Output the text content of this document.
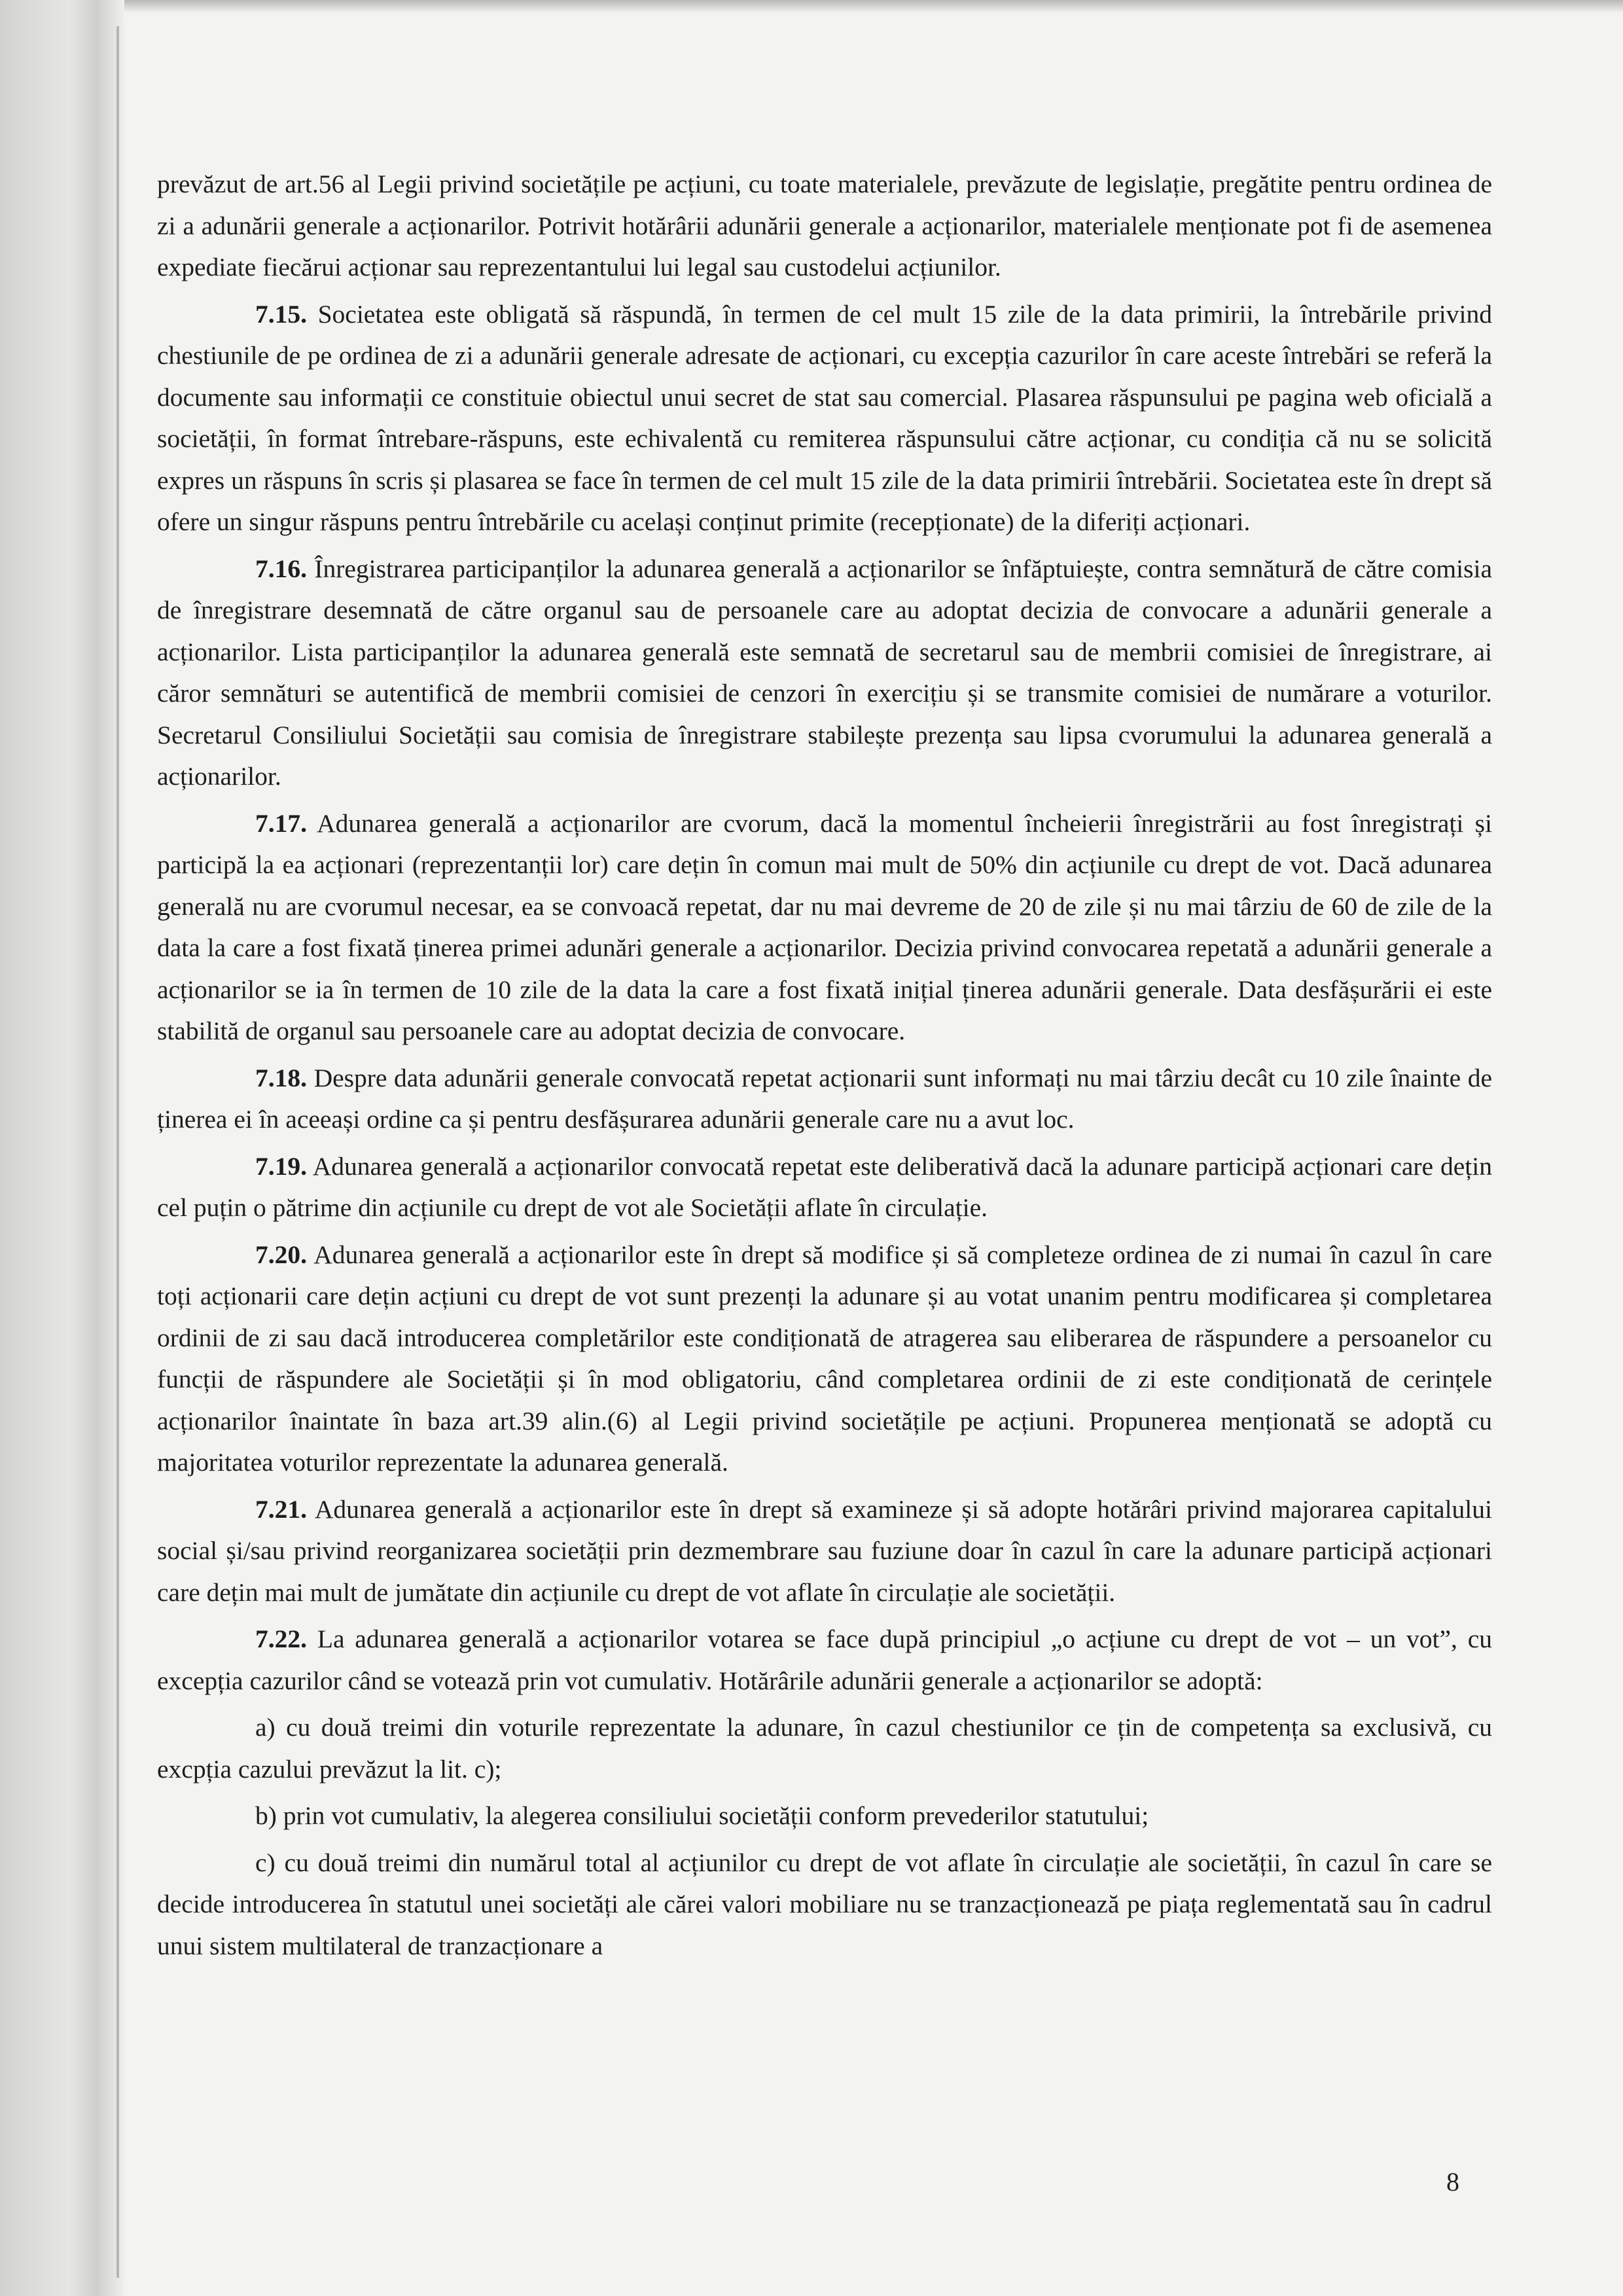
prevăzut de art.56 al Legii privind societățile pe acțiuni, cu toate materialele, prevăzute de legislație, pregătite pentru ordinea de zi a adunării generale a acționarilor. Potrivit hotărârii adunării generale a acționarilor, materialele menționate pot fi de asemenea expediate fiecărui acționar sau reprezentantului lui legal sau custodelui acțiunilor.

7.15. Societatea este obligată să răspundă, în termen de cel mult 15 zile de la data primirii, la întrebările privind chestiunile de pe ordinea de zi a adunării generale adresate de acționari, cu excepția cazurilor în care aceste întrebări se referă la documente sau informații ce constituie obiectul unui secret de stat sau comercial. Plasarea răspunsului pe pagina web oficială a societății, în format întrebare-răspuns, este echivalentă cu remiterea răspunsului către acționar, cu condiția că nu se solicită expres un răspuns în scris și plasarea se face în termen de cel mult 15 zile de la data primirii întrebării. Societatea este în drept să ofere un singur răspuns pentru întrebările cu același conținut primite (recepționate) de la diferiți acționari.

7.16. Înregistrarea participanților la adunarea generală a acționarilor se înfăptuiește, contra semnătură de către comisia de înregistrare desemnată de către organul sau de persoanele care au adoptat decizia de convocare a adunării generale a acționarilor. Lista participanților la adunarea generală este semnată de secretarul sau de membrii comisiei de înregistrare, ai căror semnături se autentifică de membrii comisiei de cenzori în exercițiu și se transmite comisiei de numărare a voturilor. Secretarul Consiliului Societății sau comisia de înregistrare stabilește prezența sau lipsa cvorumului la adunarea generală a acționarilor.

7.17. Adunarea generală a acționarilor are cvorum, dacă la momentul încheierii înregistrării au fost înregistrați și participă la ea acționari (reprezentanții lor) care dețin în comun mai mult de 50% din acțiunile cu drept de vot. Dacă adunarea generală nu are cvorumul necesar, ea se convoacă repetat, dar nu mai devreme de 20 de zile și nu mai târziu de 60 de zile de la data la care a fost fixată ținerea primei adunări generale a acționarilor. Decizia privind convocarea repetată a adunării generale a acționarilor se ia în termen de 10 zile de la data la care a fost fixată inițial ținerea adunării generale. Data desfășurării ei este stabilită de organul sau persoanele care au adoptat decizia de convocare.

7.18. Despre data adunării generale convocată repetat acționarii sunt informați nu mai târziu decât cu 10 zile înainte de ținerea ei în aceeași ordine ca și pentru desfășurarea adunării generale care nu a avut loc.

7.19. Adunarea generală a acționarilor convocată repetat este deliberativă dacă la adunare participă acționari care dețin cel puțin o pătrime din acțiunile cu drept de vot ale Societății aflate în circulație.

7.20. Adunarea generală a acționarilor este în drept să modifice și să completeze ordinea de zi numai în cazul în care toți acționarii care dețin acțiuni cu drept de vot sunt prezenți la adunare și au votat unanim pentru modificarea și completarea ordinii de zi sau dacă introducerea completărilor este condiționată de atragerea sau eliberarea de răspundere a persoanelor cu funcții de răspundere ale Societății și în mod obligatoriu, când completarea ordinii de zi este condiționată de cerințele acționarilor înaintate în baza art.39 alin.(6) al Legii privind societățile pe acțiuni. Propunerea menționată se adoptă cu majoritatea voturilor reprezentate la adunarea generală.

7.21. Adunarea generală a acționarilor este în drept să examineze și să adopte hotărâri privind majorarea capitalului social și/sau privind reorganizarea societății prin dezmembrare sau fuziune doar în cazul în care la adunare participă acționari care dețin mai mult de jumătate din acțiunile cu drept de vot aflate în circulație ale societății.

7.22. La adunarea generală a acționarilor votarea se face după principiul „o acțiune cu drept de vot – un vot”, cu excepția cazurilor când se votează prin vot cumulativ. Hotărârile adunării generale a acționarilor se adoptă:

a) cu două treimi din voturile reprezentate la adunare, în cazul chestiunilor ce țin de competența sa exclusivă, cu excpția cazului prevăzut la lit. c);

b) prin vot cumulativ, la alegerea consiliului societății conform prevederilor statutului;

c) cu două treimi din numărul total al acțiunilor cu drept de vot aflate în circulație ale societății, în cazul în care se decide introducerea în statutul unei societăți ale cărei valori mobiliare nu se tranzacționează pe piața reglementată sau în cadrul unui sistem multilateral de tranzacționare a

8
